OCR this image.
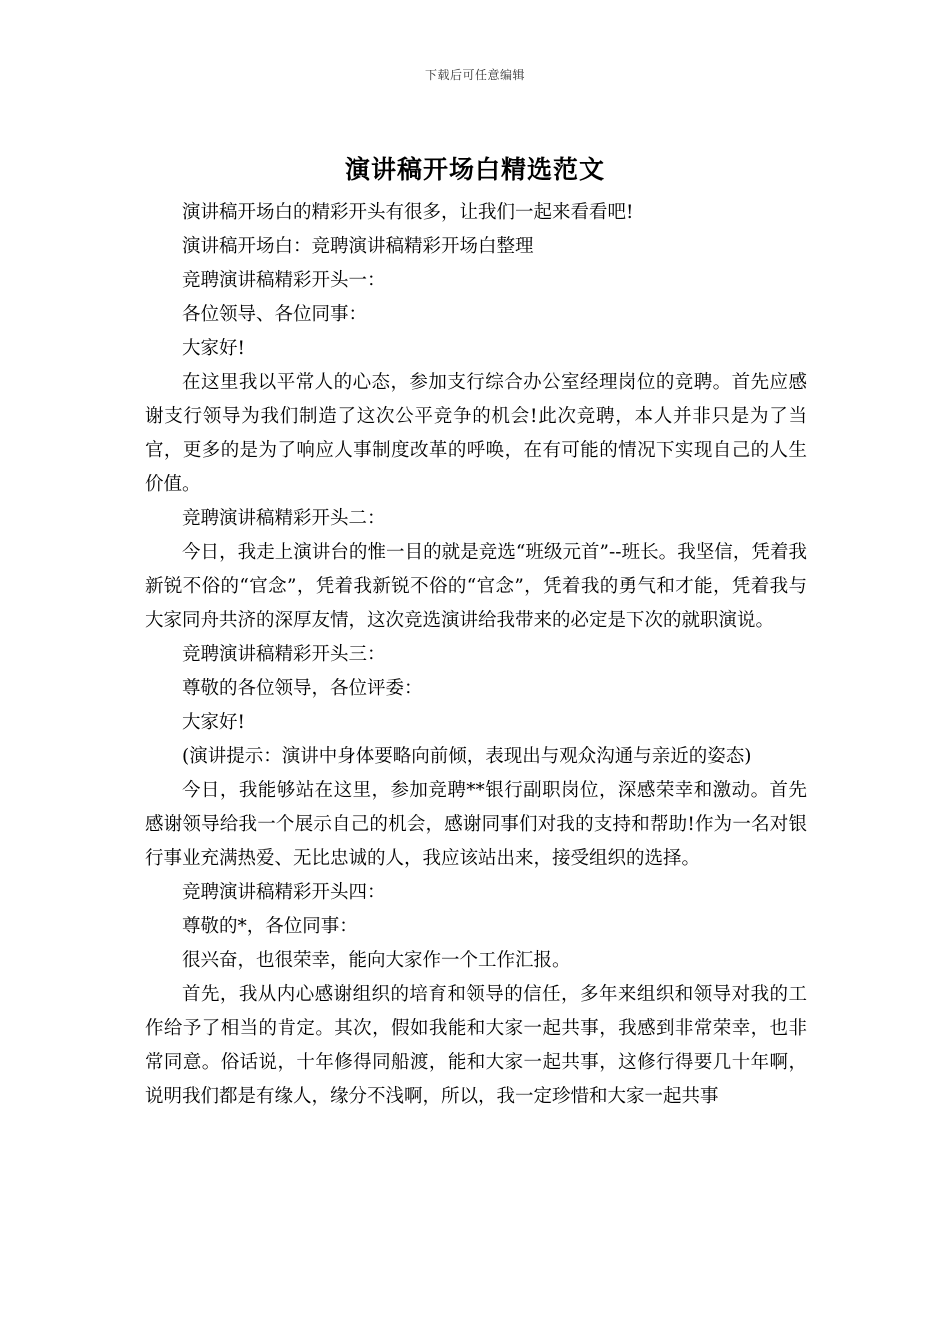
下载后可任意编辑
演讲稿开场白精选范文

演讲稿开场白的精彩开头有很多，让我们一起来看看吧!

演讲稿开场白：竞聘演讲稿精彩开场白整理

竞聘演讲稿精彩开头一：

各位领导、各位同事：

大家好!

在这里我以平常人的心态，参加支行综合办公室经理岗位的竞聘。首先应感谢支行领导为我们制造了这次公平竞争的机会!此次竞聘，本人并非只是为了当官，更多的是为了响应人事制度改革的呼唤，在有可能的情况下实现自己的人生价值。

竞聘演讲稿精彩开头二：

今日，我走上演讲台的惟一目的就是竞选“班级元首”--班长。我坚信，凭着我新锐不俗的“官念”，凭着我新锐不俗的“官念”，凭着我的勇气和才能，凭着我与大家同舟共济的深厚友情，这次竞选演讲给我带来的必定是下次的就职演说。

竞聘演讲稿精彩开头三：

尊敬的各位领导，各位评委：

大家好!

(演讲提示：演讲中身体要略向前倾，表现出与观众沟通与亲近的姿态)

今日，我能够站在这里，参加竞聘**银行副职岗位，深感荣幸和激动。首先感谢领导给我一个展示自己的机会，感谢同事们对我的支持和帮助!作为一名对银行事业充满热爱、无比忠诚的人，我应该站出来，接受组织的选择。

竞聘演讲稿精彩开头四：

尊敬的*，各位同事：

很兴奋，也很荣幸，能向大家作一个工作汇报。

首先，我从内心感谢组织的培育和领导的信任，多年来组织和领导对我的工作给予了相当的肯定。其次，假如我能和大家一起共事，我感到非常荣幸，也非常同意。俗话说，十年修得同船渡，能和大家一起共事，这修行得要几十年啊，说明我们都是有缘人，缘分不浅啊，所以，我一定珍惜和大家一起共事
